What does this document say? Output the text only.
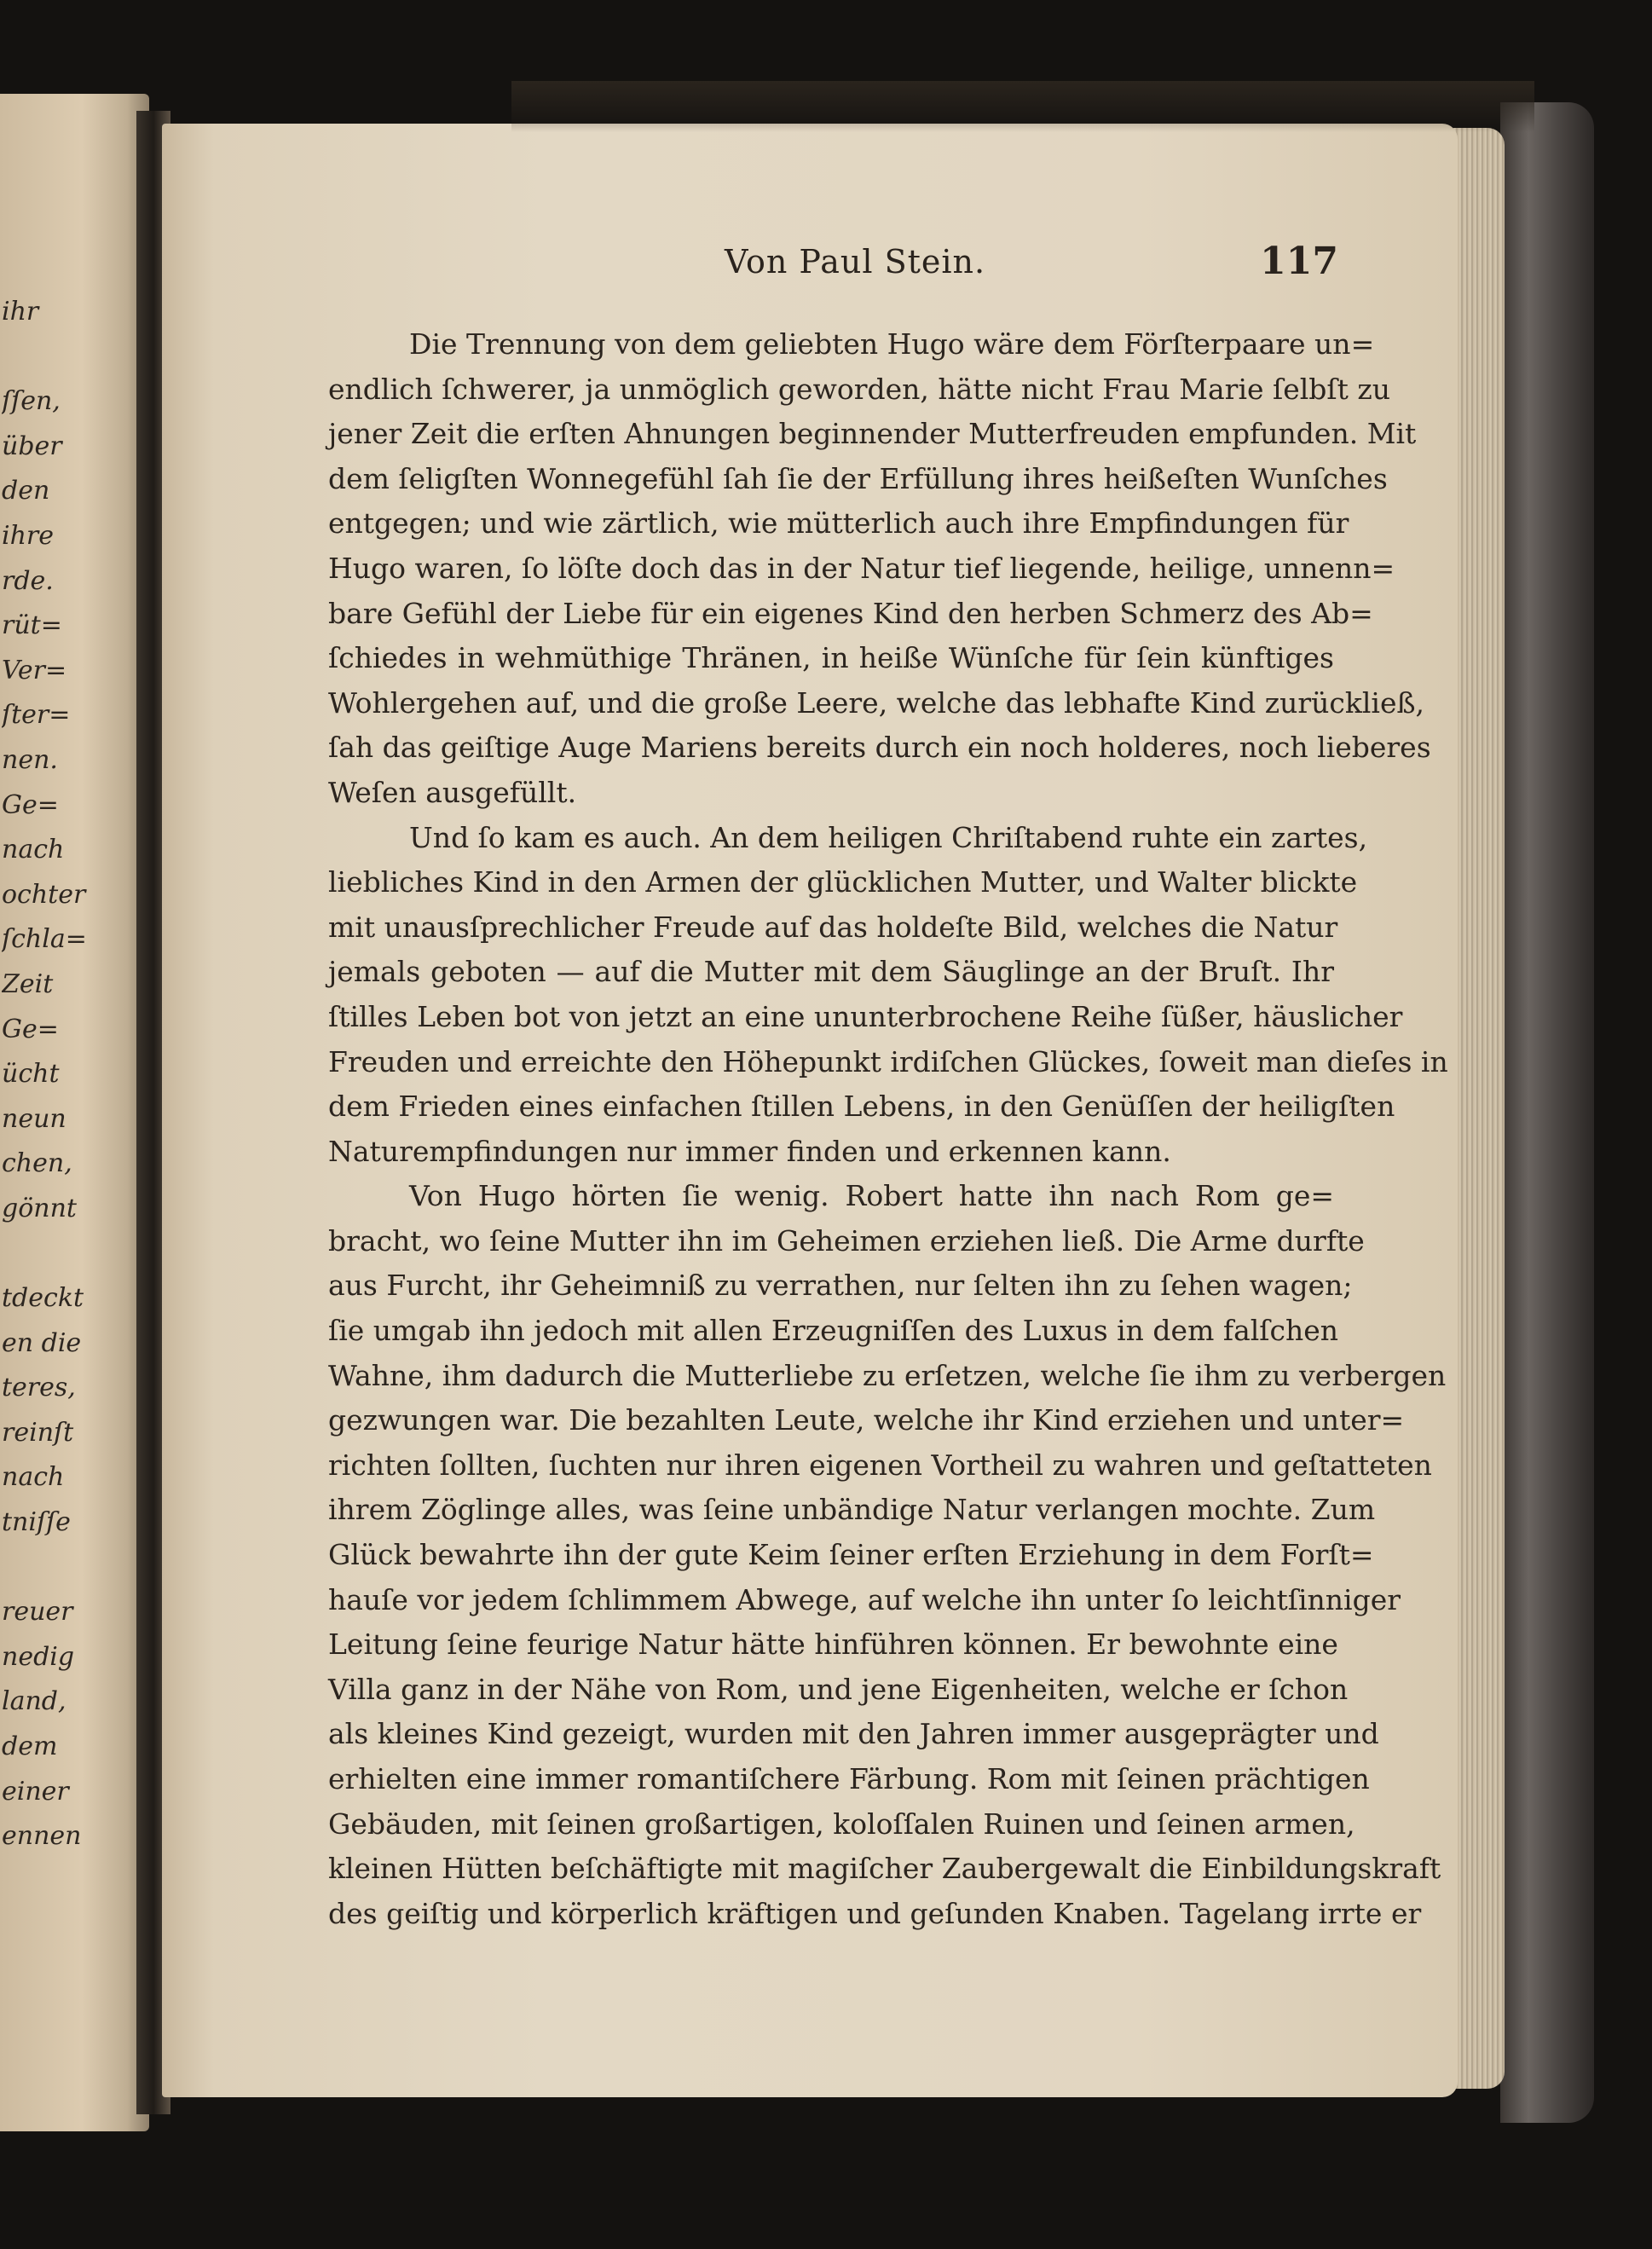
ihr
ſſen,
über
den
ihre
rde.
rüt=
Ver=
ſter=
nen.
Ge=
nach
ochter
ſchla=
Zeit
Ge=
ücht
neun
chen,
gönnt
tdeckt
en die
teres,
reinſt
nach
tniſſe
reuer
nedig
land,
dem
einer
ennen
Von Paul Stein.	117
Die Trennung von dem geliebten Hugo wäre dem Förſterpaare un=
endlich ſchwerer, ja unmöglich geworden, hätte nicht Frau Marie ſelbſt zu
jener Zeit die erſten Ahnungen beginnender Mutterfreuden empfunden. Mit
dem ſeligſten Wonnegefühl ſah ſie der Erfüllung ihres heißeſten Wunſches
entgegen; und wie zärtlich, wie mütterlich auch ihre Empfindungen für
Hugo waren, ſo löſte doch das in der Natur tief liegende, heilige, unnenn=
bare Gefühl der Liebe für ein eigenes Kind den herben Schmerz des Ab=
ſchiedes in wehmüthige Thränen, in heiße Wünſche für ſein künftiges
Wohlergehen auf, und die große Leere, welche das lebhafte Kind zurückließ,
ſah das geiſtige Auge Mariens bereits durch ein noch holderes, noch lieberes
Weſen ausgefüllt.
Und ſo kam es auch. An dem heiligen Chriſtabend ruhte ein zartes,
liebliches Kind in den Armen der glücklichen Mutter, und Walter blickte
mit unausſprechlicher Freude auf das holdeſte Bild, welches die Natur
jemals geboten — auf die Mutter mit dem Säuglinge an der Bruſt. Ihr
ſtilles Leben bot von jetzt an eine ununterbrochene Reihe ſüßer, häuslicher
Freuden und erreichte den Höhepunkt irdiſchen Glückes, ſoweit man dieſes in
dem Frieden eines einfachen ſtillen Lebens, in den Genüſſen der heiligſten
Naturempfindungen nur immer finden und erkennen kann.
Von Hugo hörten ſie wenig. Robert hatte ihn nach Rom ge=
bracht, wo ſeine Mutter ihn im Geheimen erziehen ließ. Die Arme durfte
aus Furcht, ihr Geheimniß zu verrathen, nur ſelten ihn zu ſehen wagen;
ſie umgab ihn jedoch mit allen Erzeugniſſen des Luxus in dem falſchen
Wahne, ihm dadurch die Mutterliebe zu erſetzen, welche ſie ihm zu verbergen
gezwungen war. Die bezahlten Leute, welche ihr Kind erziehen und unter=
richten ſollten, ſuchten nur ihren eigenen Vortheil zu wahren und geſtatteten
ihrem Zöglinge alles, was ſeine unbändige Natur verlangen mochte. Zum
Glück bewahrte ihn der gute Keim ſeiner erſten Erziehung in dem Forſt=
hauſe vor jedem ſchlimmem Abwege, auf welche ihn unter ſo leichtſinniger
Leitung ſeine feurige Natur hätte hinführen können. Er bewohnte eine
Villa ganz in der Nähe von Rom, und jene Eigenheiten, welche er ſchon
als kleines Kind gezeigt, wurden mit den Jahren immer ausgeprägter und
erhielten eine immer romantiſchere Färbung. Rom mit ſeinen prächtigen
Gebäuden, mit ſeinen großartigen, koloſſalen Ruinen und ſeinen armen,
kleinen Hütten beſchäftigte mit magiſcher Zaubergewalt die Einbildungskraft
des geiſtig und körperlich kräftigen und geſunden Knaben. Tagelang irrte er
